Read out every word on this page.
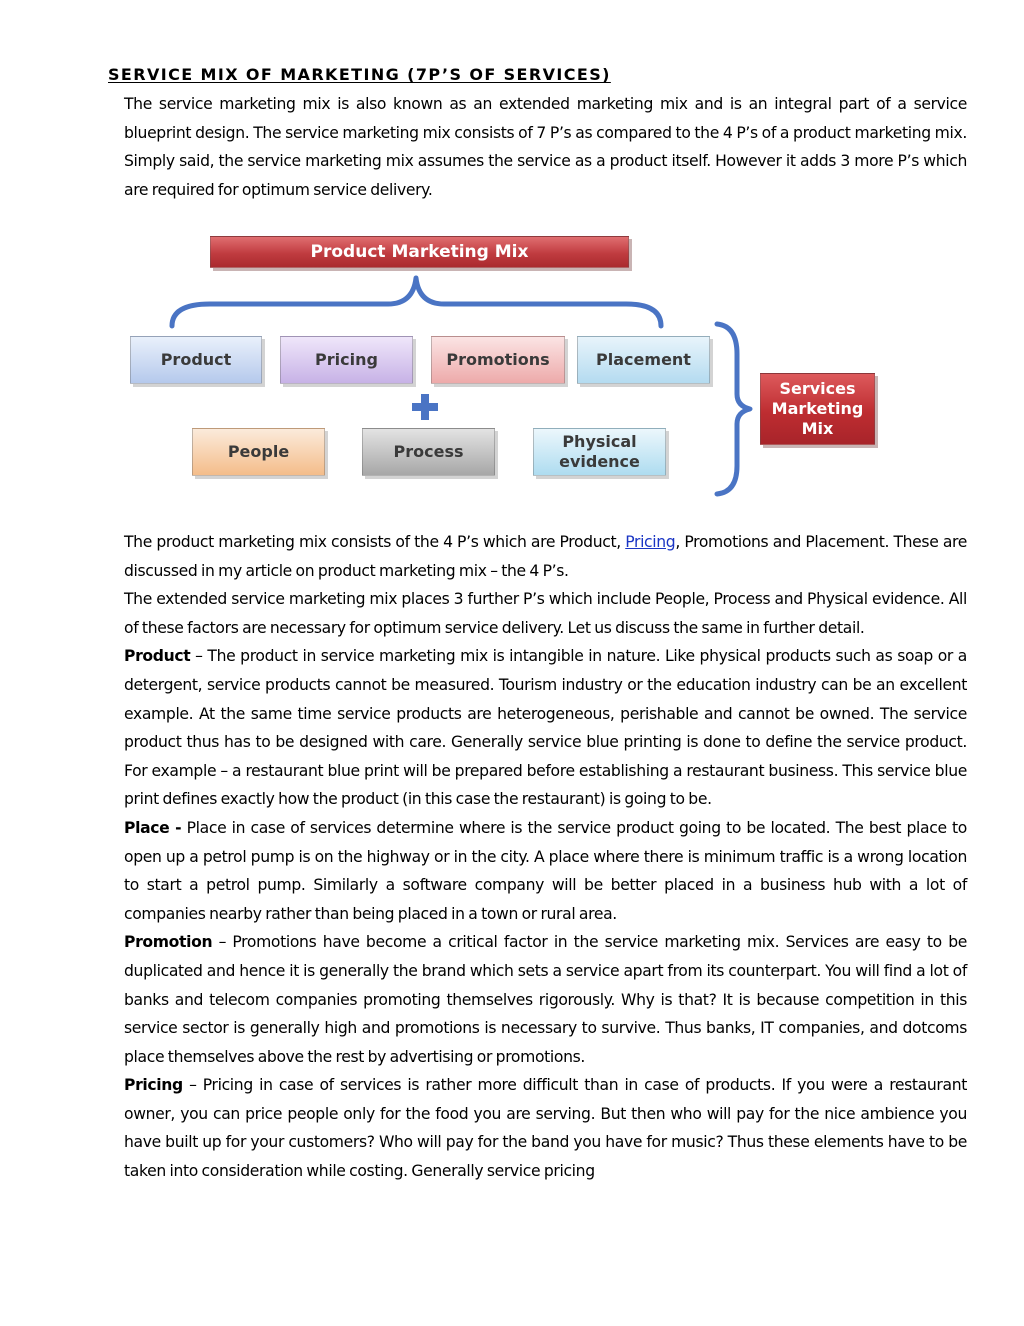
SERVICE MIX OF MARKETING (7P’S OF SERVICES)

The service marketing mix is also known as an extended marketing mix and is an integral part of a service blueprint design. The service marketing mix consists of 7 P’s as compared to the 4 P’s of a product marketing mix. Simply said, the service marketing mix assumes the service as a product itself. However it adds 3 more P’s which are required for optimum service delivery.

Product Marketing Mix
Product	Pricing	Promotions	Placement
People	Process
Physical evidence
Services Marketing Mix
The product marketing mix consists of the 4 P’s which are Product, Pricing, Promotions and Placement. These are discussed in my article on product marketing mix – the 4 P’s.
The extended service marketing mix places 3 further P’s which include People, Process and Physical evidence. All of these factors are necessary for optimum service delivery. Let us discuss the same in further detail.
Product – The product in service marketing mix is intangible in nature. Like physical products such as soap or a detergent, service products cannot be measured. Tourism industry or the education industry can be an excellent example. At the same time service products are heterogeneous, perishable and cannot be owned. The service product thus has to be designed with care. Generally service blue printing is done to define the service product. For example – a restaurant blue print will be prepared before establishing a restaurant business. This service blue print defines exactly how the product (in this case the restaurant) is going to be.
Place - Place in case of services determine where is the service product going to be located. The best place to open up a petrol pump is on the highway or in the city. A place where there is minimum traffic is a wrong location to start a petrol pump. Similarly a software company will be better placed in a business hub with a lot of companies nearby rather than being placed in a town or rural area.
Promotion – Promotions have become a critical factor in the service marketing mix. Services are easy to be duplicated and hence it is generally the brand which sets a service apart from its counterpart. You will find a lot of banks and telecom companies promoting themselves rigorously. Why is that? It is because competition in this service sector is generally high and promotions is necessary to survive. Thus banks, IT companies, and dotcoms place themselves above the rest by advertising or promotions.
Pricing – Pricing in case of services is rather more difficult than in case of products. If you were a restaurant owner, you can price people only for the food you are serving. But then who will pay for the nice ambience you have built up for your customers? Who will pay for the band you have for music? Thus these elements have to be taken into consideration while costing. Generally service pricing
